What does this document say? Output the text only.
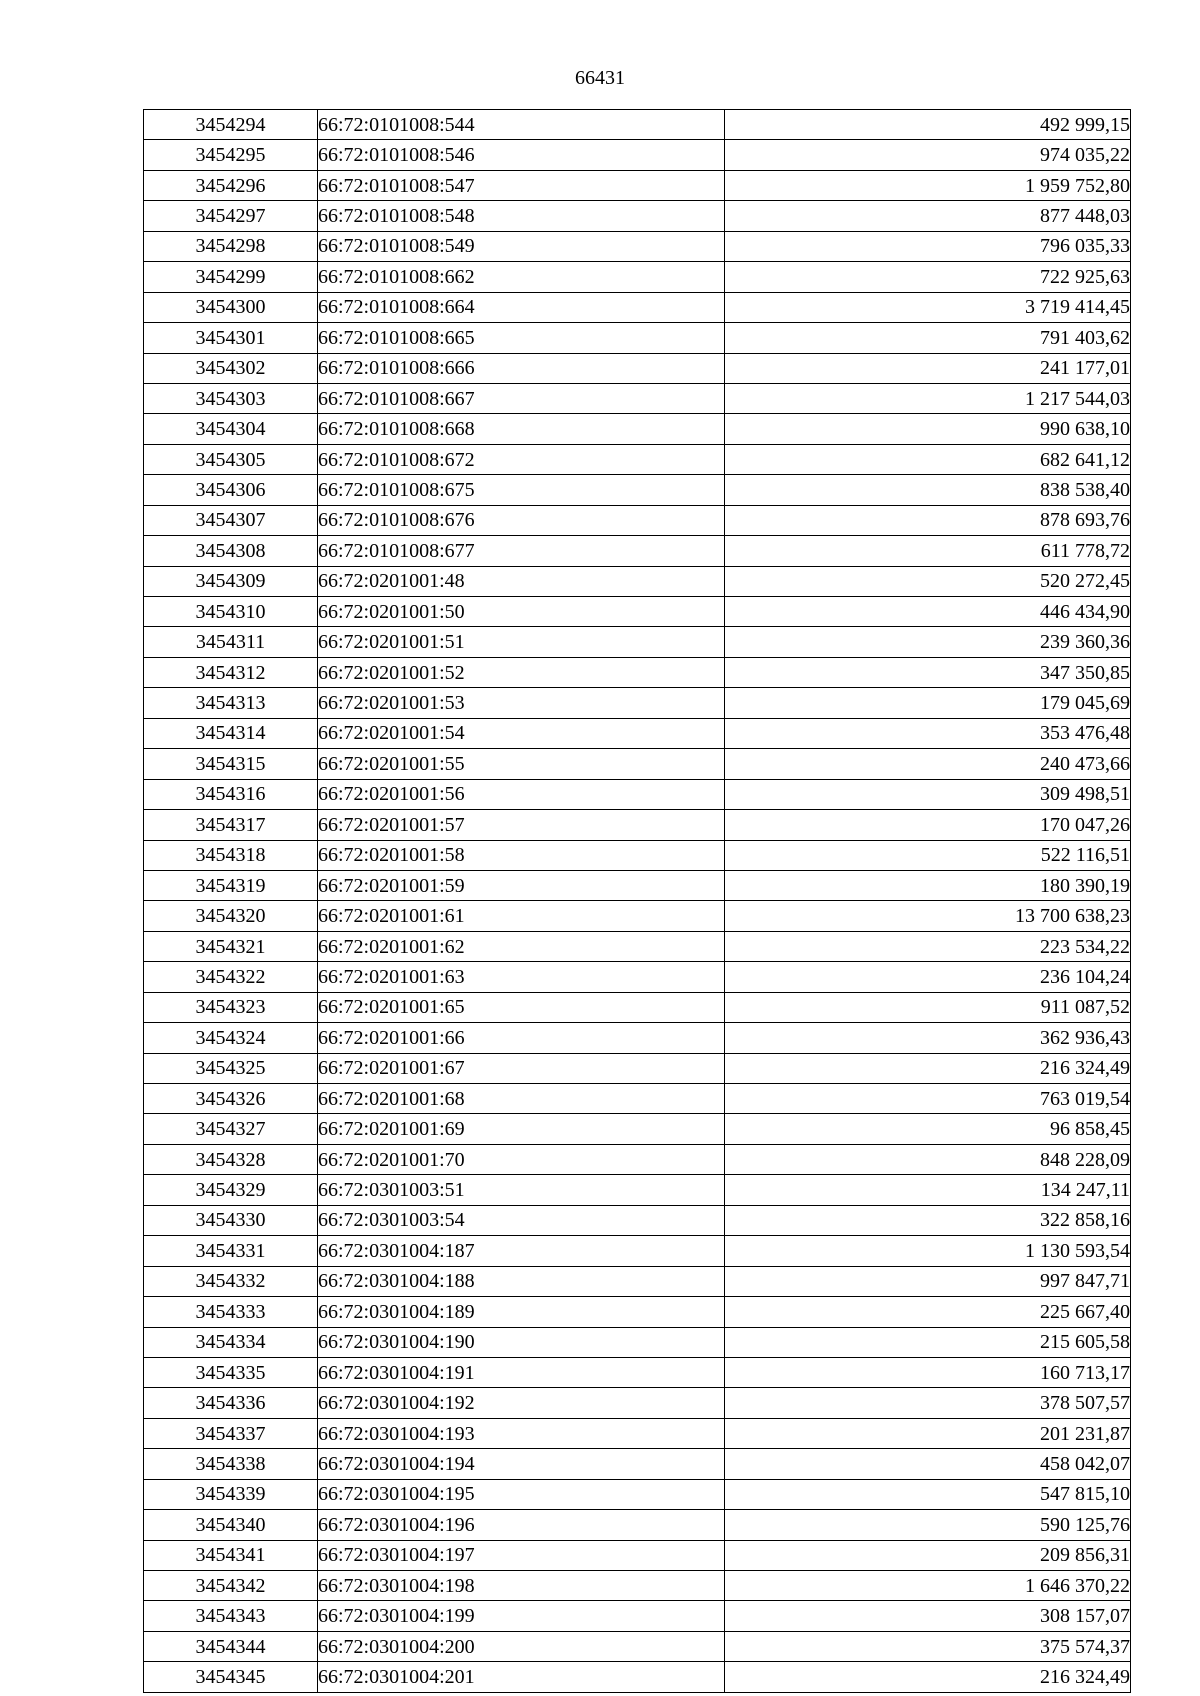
66431
3454294	66:72:0101008:544	492 999,15
3454295	66:72:0101008:546	974 035,22
3454296	66:72:0101008:547	1 959 752,80
3454297	66:72:0101008:548	877 448,03
3454298	66:72:0101008:549	796 035,33
3454299	66:72:0101008:662	722 925,63
3454300	66:72:0101008:664	3 719 414,45
3454301	66:72:0101008:665	791 403,62
3454302	66:72:0101008:666	241 177,01
3454303	66:72:0101008:667	1 217 544,03
3454304	66:72:0101008:668	990 638,10
3454305	66:72:0101008:672	682 641,12
3454306	66:72:0101008:675	838 538,40
3454307	66:72:0101008:676	878 693,76
3454308	66:72:0101008:677	611 778,72
3454309	66:72:0201001:48	520 272,45
3454310	66:72:0201001:50	446 434,90
3454311	66:72:0201001:51	239 360,36
3454312	66:72:0201001:52	347 350,85
3454313	66:72:0201001:53	179 045,69
3454314	66:72:0201001:54	353 476,48
3454315	66:72:0201001:55	240 473,66
3454316	66:72:0201001:56	309 498,51
3454317	66:72:0201001:57	170 047,26
3454318	66:72:0201001:58	522 116,51
3454319	66:72:0201001:59	180 390,19
3454320	66:72:0201001:61	13 700 638,23
3454321	66:72:0201001:62	223 534,22
3454322	66:72:0201001:63	236 104,24
3454323	66:72:0201001:65	911 087,52
3454324	66:72:0201001:66	362 936,43
3454325	66:72:0201001:67	216 324,49
3454326	66:72:0201001:68	763 019,54
3454327	66:72:0201001:69	96 858,45
3454328	66:72:0201001:70	848 228,09
3454329	66:72:0301003:51	134 247,11
3454330	66:72:0301003:54	322 858,16
3454331	66:72:0301004:187	1 130 593,54
3454332	66:72:0301004:188	997 847,71
3454333	66:72:0301004:189	225 667,40
3454334	66:72:0301004:190	215 605,58
3454335	66:72:0301004:191	160 713,17
3454336	66:72:0301004:192	378 507,57
3454337	66:72:0301004:193	201 231,87
3454338	66:72:0301004:194	458 042,07
3454339	66:72:0301004:195	547 815,10
3454340	66:72:0301004:196	590 125,76
3454341	66:72:0301004:197	209 856,31
3454342	66:72:0301004:198	1 646 370,22
3454343	66:72:0301004:199	308 157,07
3454344	66:72:0301004:200	375 574,37
3454345	66:72:0301004:201	216 324,49
